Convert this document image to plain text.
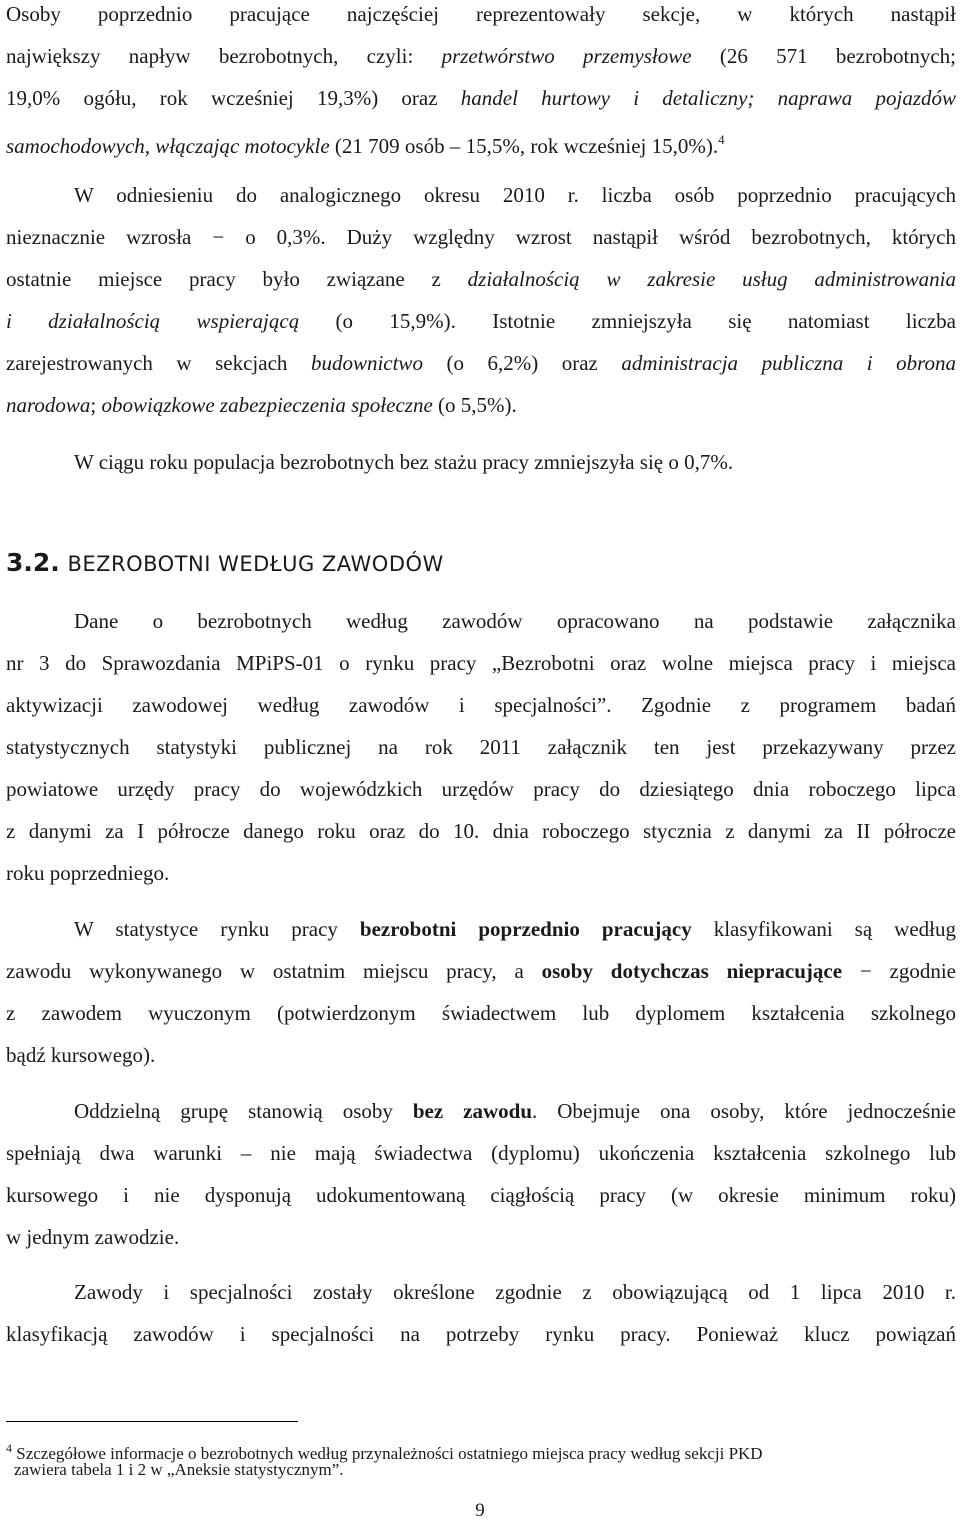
Osoby poprzednio pracujące najczęściej reprezentowały sekcje, w których nastąpił
największy napływ bezrobotnych, czyli: przetwórstwo przemysłowe (26 571 bezrobotnych;
19,0% ogółu, rok wcześniej 19,3%) oraz handel hurtowy i detaliczny; naprawa pojazdów
samochodowych, włączając motocykle (21 709 osób – 15,5%, rok wcześniej 15,0%).$^4$
W odniesieniu do analogicznego okresu 2010 r. liczba osób poprzednio pracujących
nieznacznie wzrosła − o 0,3%. Duży względny wzrost nastąpił wśród bezrobotnych, których
ostatnie miejsce pracy było związane z działalnością w zakresie usług administrowania
i działalnością wspierającą (o 15,9%). Istotnie zmniejszyła się natomiast liczba
zarejestrowanych w sekcjach budownictwo (o 6,2%) oraz administracja publiczna i obrona
narodowa; obowiązkowe zabezpieczenia społeczne (o 5,5%).
W ciągu roku populacja bezrobotnych bez stażu pracy zmniejszyła się o 0,7%.
3.2. BEZROBOTNI WEDŁUG ZAWODÓW
Dane o bezrobotnych według zawodów opracowano na podstawie załącznika
nr 3 do Sprawozdania MPiPS-01 o rynku pracy „Bezrobotni oraz wolne miejsca pracy i miejsca
aktywizacji zawodowej według zawodów i specjalności”. Zgodnie z programem badań
statystycznych statystyki publicznej na rok 2011 załącznik ten jest przekazywany przez
powiatowe urzędy pracy do wojewódzkich urzędów pracy do dziesiątego dnia roboczego lipca
z danymi za I półrocze danego roku oraz do 10. dnia roboczego stycznia z danymi za II półrocze
roku poprzedniego.
W statystyce rynku pracy bezrobotni poprzednio pracujący klasyfikowani są według
zawodu wykonywanego w ostatnim miejscu pracy, a osoby dotychczas niepracujące − zgodnie
z zawodem wyuczonym (potwierdzonym świadectwem lub dyplomem kształcenia szkolnego
bądź kursowego).
Oddzielną grupę stanowią osoby bez zawodu. Obejmuje ona osoby, które jednocześnie
spełniają dwa warunki – nie mają świadectwa (dyplomu) ukończenia kształcenia szkolnego lub
kursowego i nie dysponują udokumentowaną ciągłością pracy (w okresie minimum roku)
w jednym zawodzie.
Zawody i specjalności zostały określone zgodnie z obowiązującą od 1 lipca 2010 r.
klasyfikacją zawodów i specjalności na potrzeby rynku pracy. Ponieważ klucz powiązań
$^4$ Szczegółowe informacje o bezrobotnych według przynależności ostatniego miejsca pracy według sekcji PKD
zawiera tabela 1 i 2 w „Aneksie statystycznym”.
9
